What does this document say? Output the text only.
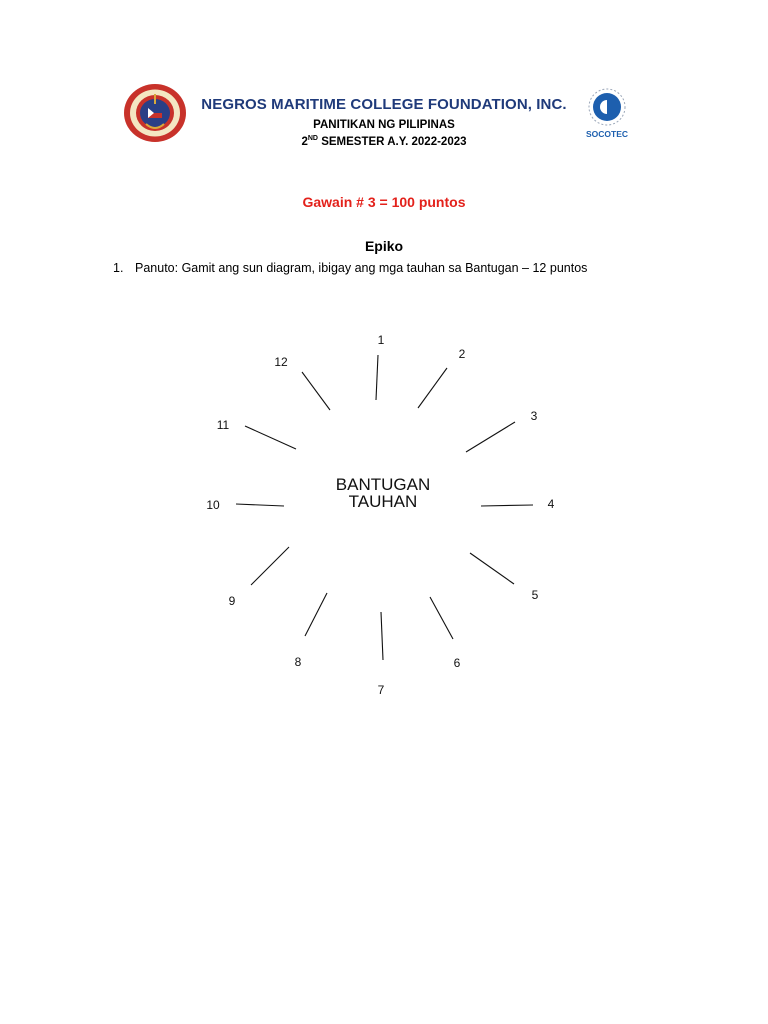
NEGROS MARITIME COLLEGE FOUNDATION, INC.
PANITIKAN NG PILIPINAS
2ND SEMESTER A.Y. 2022-2023
SOCOTEC
Gawain # 3 = 100 puntos
Epiko
1. Panuto: Gamit ang sun diagram, ibigay ang mga tauhan sa Bantugan – 12 puntos
BANTUGAN
TAUHAN
1
2
3
4
5
6
7
8
9
10
11
12
